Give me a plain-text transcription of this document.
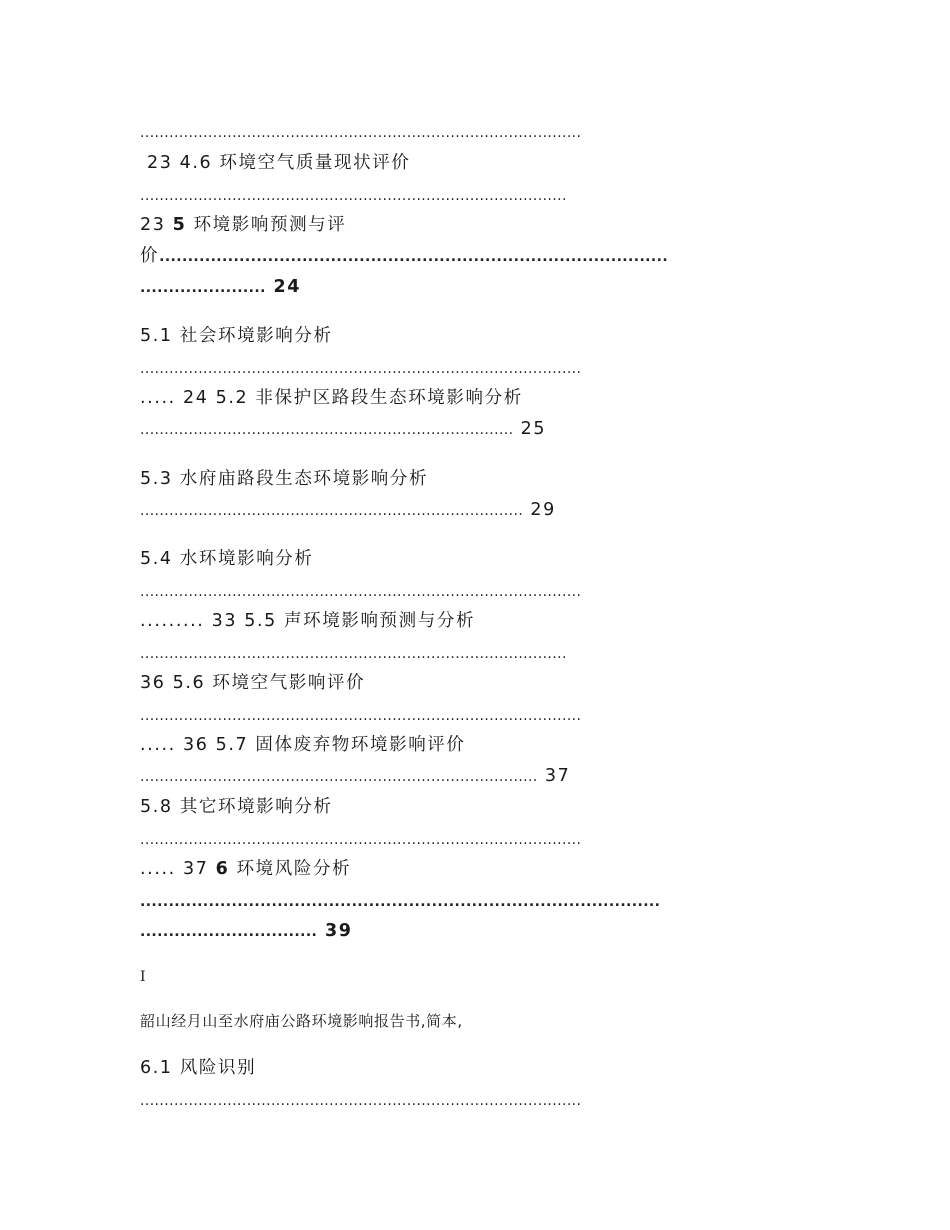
...........................................................................................
23 4.6 环境空气质量现状评价
........................................................................................
23 5 环境影响预测与评
价.........................................................................................
...................... 24
5.1 社会环境影响分析
...........................................................................................
..... 24 5.2 非保护区路段生态环境影响分析
............................................................................. 25
5.3 水府庙路段生态环境影响分析
............................................................................... 29
5.4 水环境影响分析
...........................................................................................
......... 33 5.5 声环境影响预测与分析
........................................................................................
36 5.6 环境空气影响评价
...........................................................................................
..... 36 5.7 固体废弃物环境影响评价
.................................................................................. 37
5.8 其它环境影响分析
...........................................................................................
..... 37 6 环境风险分析
...........................................................................................
............................... 39
I
韶山经月山至水府庙公路环境影响报告书,简本,
6.1 风险识别
...........................................................................................
